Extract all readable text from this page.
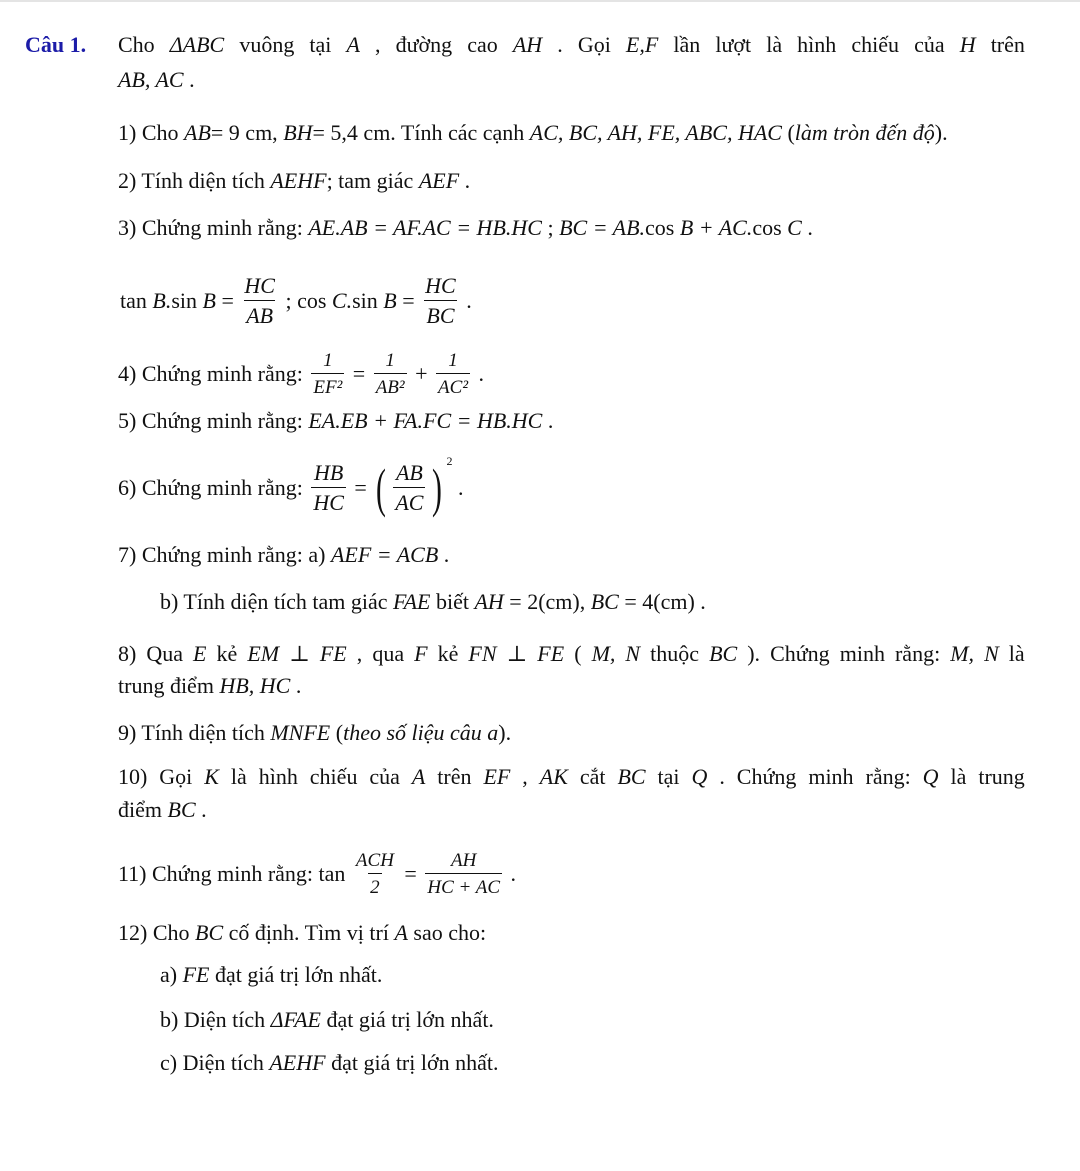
Câu 1. Cho ΔABC vuông tại A , đường cao AH . Gọi E,F lần lượt là hình chiếu của H trên
AB, AC .
1) Cho AB = 9 cm, BH = 5,4 cm. Tính các cạnh AC, BC, AH, FE, ABC, HAC ( làm tròn đến độ ).
2) Tính diện tích AEHF ; tam giác AEF .
3) Chứng minh rằng: AE.AB = AF.AC = HB.HC ; BC = AB. cos B + AC. cos C .
tan B. $\sin B = \frac{HC}{AB}$ ; cos C. $\sin B = \frac{HC}{BC}$ .
4) Chứng minh rằng: $\frac{1}{\text{EF²}} = \frac{1}{\text{AB²}} + \frac{1}{\text{AC²}}$ .
5) Chứng minh rằng: EA.EB + FA.FC = HB.HC .
6) Chứng minh rằng: $\frac{HB}{HC}$ = ( $\frac{AB}{AC}$ ) 2
.
7) Chứng minh rằng: a) AEF = ACB .
b) Tính diện tích tam giác FAE biết AH = 2(cm), BC = 4(cm) .
8) Qua E kẻ EM ⊥ FE , qua F kẻ FN ⊥ FE ( M, N thuộc BC ). Chứng minh rằng: M, N là
trung điểm HB, HC .
9) Tính diện tích MNFE ( theo số liệu câu a ).
10) Gọi K là hình chiếu của A trên EF , AK cắt BC tại Q . Chứng minh rằng: Q là trung
điểm BC .
11) Chứng minh rằng: $\tan \frac{\text{ACH}}{2} = \frac{AH}{HC + AC}$ .
12) Cho BC cố định. Tìm vị trí A sao cho:
a) FE đạt giá trị lớn nhất.
b) Diện tích ΔFAE đạt giá trị lớn nhất.
c) Diện tích AEHF đạt giá trị lớn nhất.
